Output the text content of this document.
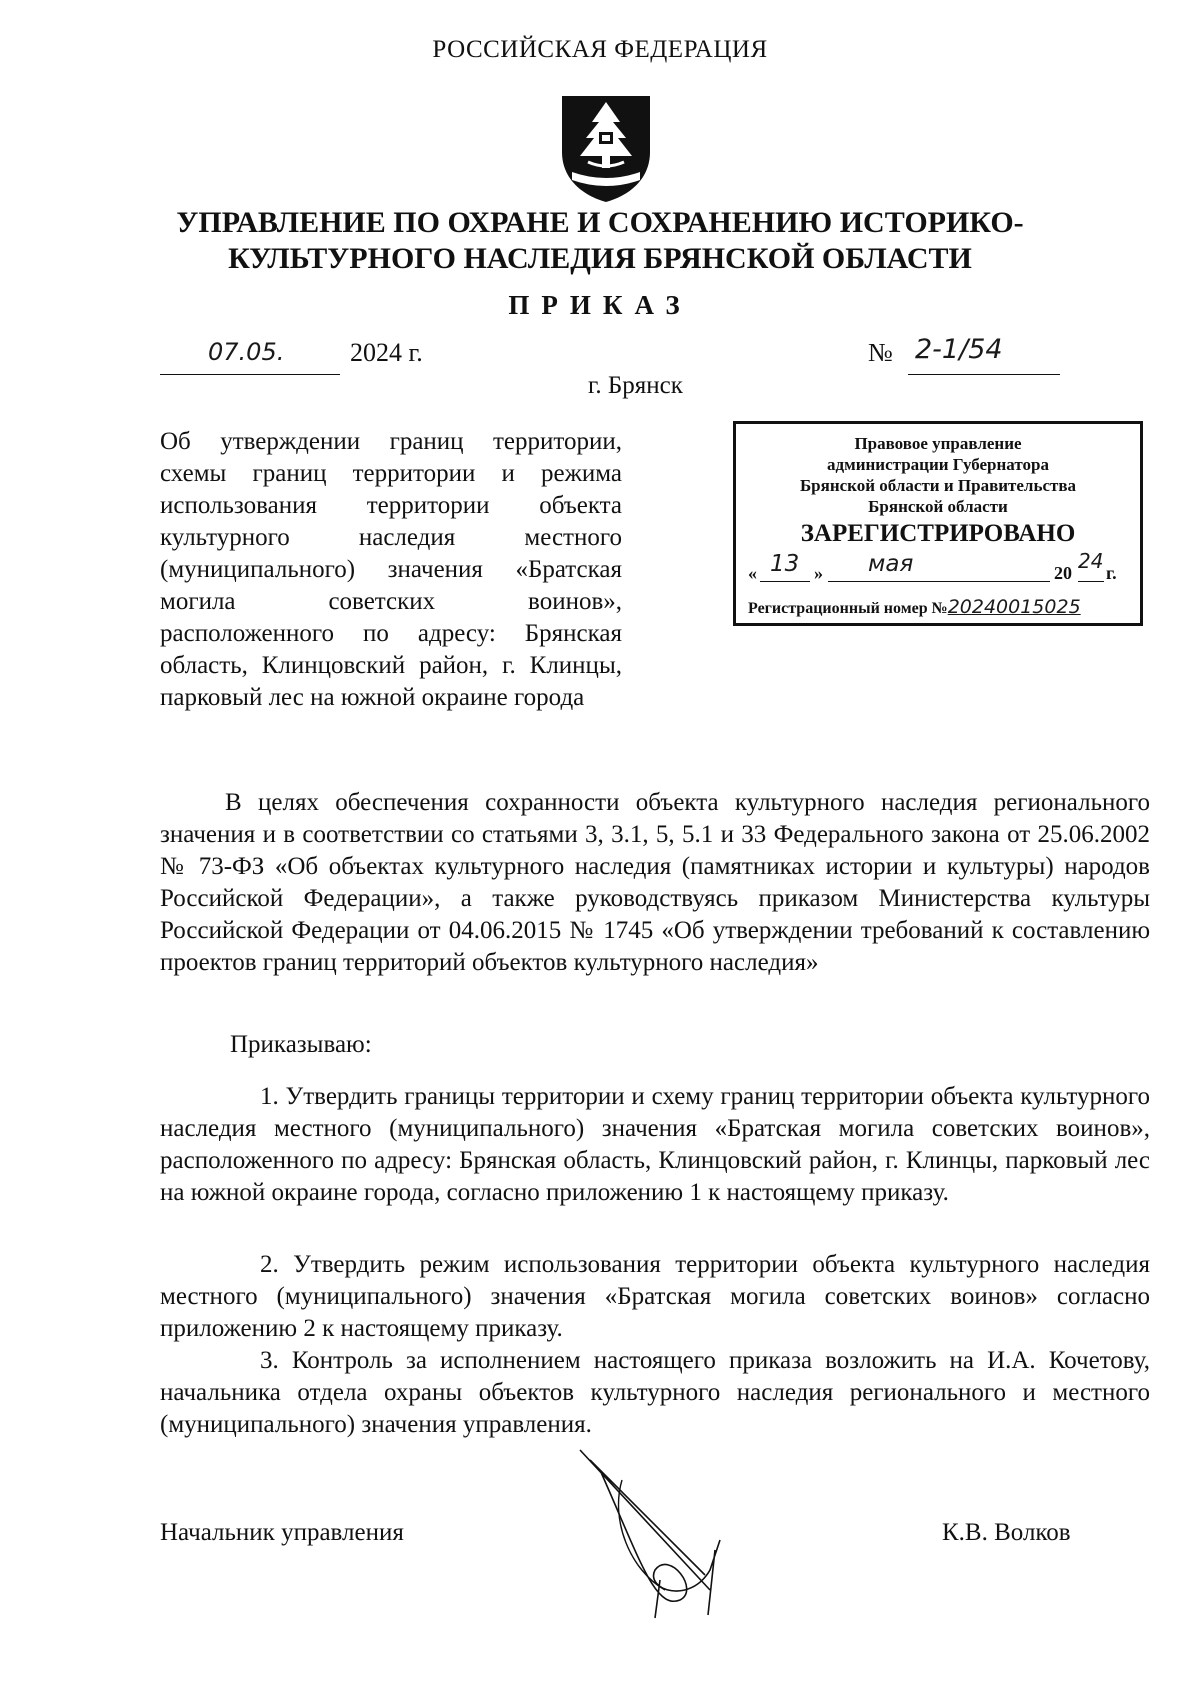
РОССИЙСКАЯ ФЕДЕРАЦИЯ
УПРАВЛЕНИЕ ПО ОХРАНЕ И СОХРАНЕНИЮ ИСТОРИКО-
КУЛЬТУРНОГО НАСЛЕДИЯ БРЯНСКОЙ ОБЛАСТИ
ПРИКАЗ
07.05.	2024 г.	№ 2-1/54
г. Брянск
Об утверждении границ территории, схемы границ территории и режима использования территории объекта культурного наследия местного (муниципального) значения «Братская могила советских воинов», расположенного по адресу: Брянская область, Клинцовский район, г. Клинцы, парковый лес на южной окраине города
Правовое управление
администрации Губернатора
Брянской области и Правительства
Брянской области
ЗАРЕГИСТРИРОВАНО
« 13 » мая	20 24 г.
Регистрационный номер №20240015025
В целях обеспечения сохранности объекта культурного наследия регионального значения и в соответствии со статьями 3, 3.1, 5, 5.1 и 33 Федерального закона от 25.06.2002 № 73-ФЗ «Об объектах культурного наследия (памятниках истории и культуры) народов Российской Федерации», а также руководствуясь приказом Министерства культуры Российской Федерации от 04.06.2015 № 1745 «Об утверждении требований к составлению проектов границ территорий объектов культурного наследия»
Приказываю:
1. Утвердить границы территории и схему границ территории объекта культурного наследия местного (муниципального) значения «Братская могила советских воинов», расположенного по адресу: Брянская область, Клинцовский район, г. Клинцы, парковый лес на южной окраине города, согласно приложению 1 к настоящему приказу.
2. Утвердить режим использования территории объекта культурного наследия местного (муниципального) значения «Братская могила советских воинов» согласно приложению 2 к настоящему приказу.
3. Контроль за исполнением настоящего приказа возложить на И.А. Кочетову, начальника отдела охраны объектов культурного наследия регионального и местного (муниципального) значения управления.
Начальник управления	К.В. Волков
